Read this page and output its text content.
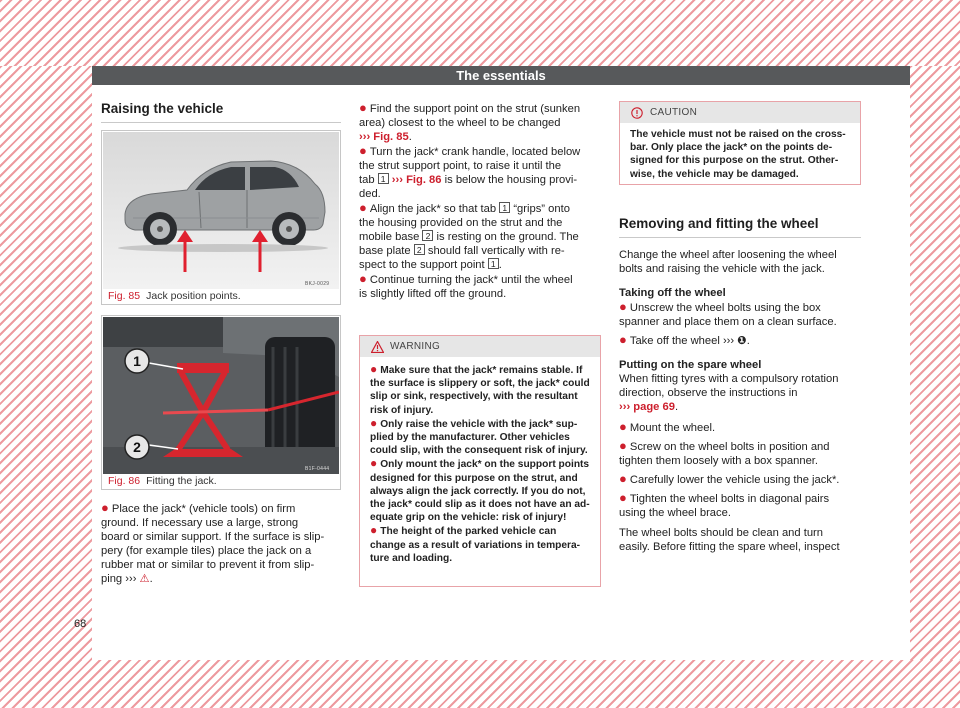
The essentials
68
Raising the vehicle
BKJ-0029
Fig. 85 Jack position points.
1
2
B1F-0444
Fig. 86 Fitting the jack.
● Place the jack* (vehicle tools) on firm
ground. If necessary use a large, strong
board or similar support. If the surface is slip-
pery (for example tiles) place the jack on a
rubber mat or similar to prevent it from slip-
ping ››› ⚠.
● Find the support point on the strut (sunken
area) closest to the wheel to be changed
››› Fig. 85.
● Turn the jack* crank handle, located below
the strut support point, to raise it until the
tab 1 ››› Fig. 86 is below the housing provi-
ded.
● Align the jack* so that tab 1 “grips” onto
the housing provided on the strut and the
mobile base 2 is resting on the ground. The
base plate 2 should fall vertically with re-
spect to the support point 1 .
● Continue turning the jack* until the wheel
is slightly lifted off the ground.
WARNING
● Make sure that the jack* remains stable. If
the surface is slippery or soft, the jack* could
slip or sink, respectively, with the resultant
risk of injury.
● Only raise the vehicle with the jack* sup-
plied by the manufacturer. Other vehicles
could slip, with the consequent risk of injury.
● Only mount the jack* on the support points
designed for this purpose on the strut, and
always align the jack correctly. If you do not,
the jack* could slip as it does not have an ad-
equate grip on the vehicle: risk of injury!
● The height of the parked vehicle can
change as a result of variations in tempera-
ture and loading.
CAUTION
The vehicle must not be raised on the cross-
bar. Only place the jack* on the points de-
signed for this purpose on the strut. Other-
wise, the vehicle may be damaged.
Removing and fitting the wheel

Change the wheel after loosening the wheel

bolts and raising the vehicle with the jack.

Taking off the wheel
● Unscrew the wheel bolts using the box
spanner and place them on a clean surface.
● Take off the wheel ››› ❶.
Putting on the spare wheel

When fitting tyres with a compulsory rotation

direction, observe the instructions in

››› page 69.

● Mount the wheel.
● Screw on the wheel bolts in position and
tighten them loosely with a box spanner.
● Carefully lower the vehicle using the jack*.
● Tighten the wheel bolts in diagonal pairs
using the wheel brace.

The wheel bolts should be clean and turn

easily. Before fitting the spare wheel, inspect
